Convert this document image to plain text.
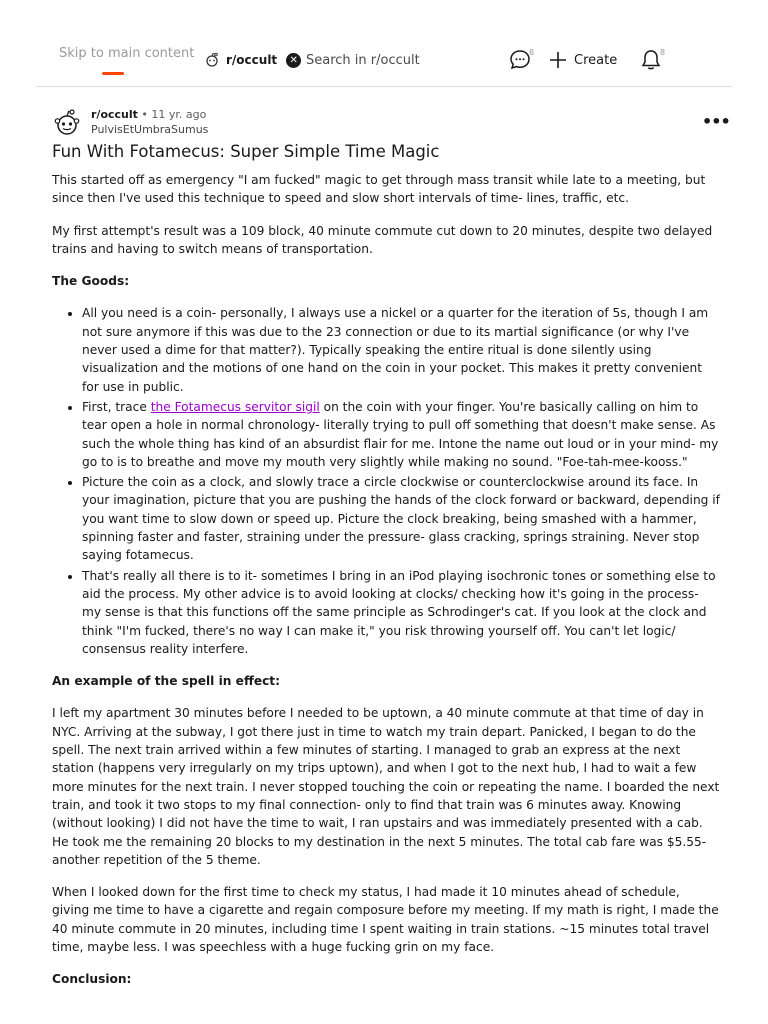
Skip to main content	r/occult	✕
Search in r/occult
8	Create	8
r/occult • 11 yr. ago
PulvisEtUmbraSumus	•••
Fun With Fotamecus: Super Simple Time Magic

This started off as emergency "I am fucked" magic to get through mass transit while late to a meeting, but since then I've used this technique to speed and slow short intervals of time- lines, traffic, etc.

My first attempt's result was a 109 block, 40 minute commute cut down to 20 minutes, despite two delayed trains and having to switch means of transportation.

The Goods:

• All you need is a coin- personally, I always use a nickel or a quarter for the iteration of 5s, though I am not sure anymore if this was due to the 23 connection or due to its martial significance (or why I've never used a dime for that matter?). Typically speaking the entire ritual is done silently using visualization and the motions of one hand on the coin in your pocket. This makes it pretty convenient for use in public.
• First, trace the Fotamecus servitor sigil on the coin with your finger. You're basically calling on him to tear open a hole in normal chronology- literally trying to pull off something that doesn't make sense. As such the whole thing has kind of an absurdist flair for me. Intone the name out loud or in your mind- my go to is to breathe and move my mouth very slightly while making no sound. "Foe-tah-mee-kooss."
• Picture the coin as a clock, and slowly trace a circle clockwise or counterclockwise around its face. In your imagination, picture that you are pushing the hands of the clock forward or backward, depending if you want time to slow down or speed up. Picture the clock breaking, being smashed with a hammer, spinning faster and faster, straining under the pressure- glass cracking, springs straining. Never stop saying fotamecus.
• That's really all there is to it- sometimes I bring in an iPod playing isochronic tones or something else to aid the process. My other advice is to avoid looking at clocks/ checking how it's going in the process- my sense is that this functions off the same principle as Schrodinger's cat. If you look at the clock and think "I'm fucked, there's no way I can make it," you risk throwing yourself off. You can't let logic/ consensus reality interfere.

An example of the spell in effect:

I left my apartment 30 minutes before I needed to be uptown, a 40 minute commute at that time of day in NYC. Arriving at the subway, I got there just in time to watch my train depart. Panicked, I began to do the spell. The next train arrived within a few minutes of starting. I managed to grab an express at the next station (happens very irregularly on my trips uptown), and when I got to the next hub, I had to wait a few more minutes for the next train. I never stopped touching the coin or repeating the name. I boarded the next train, and took it two stops to my final connection- only to find that train was 6 minutes away. Knowing (without looking) I did not have the time to wait, I ran upstairs and was immediately presented with a cab. He took me the remaining 20 blocks to my destination in the next 5 minutes. The total cab fare was $5.55- another repetition of the 5 theme.

When I looked down for the first time to check my status, I had made it 10 minutes ahead of schedule, giving me time to have a cigarette and regain composure before my meeting. If my math is right, I made the 40 minute commute in 20 minutes, including time I spent waiting in train stations. ~15 minutes total travel time, maybe less. I was speechless with a huge fucking grin on my face.

Conclusion:
